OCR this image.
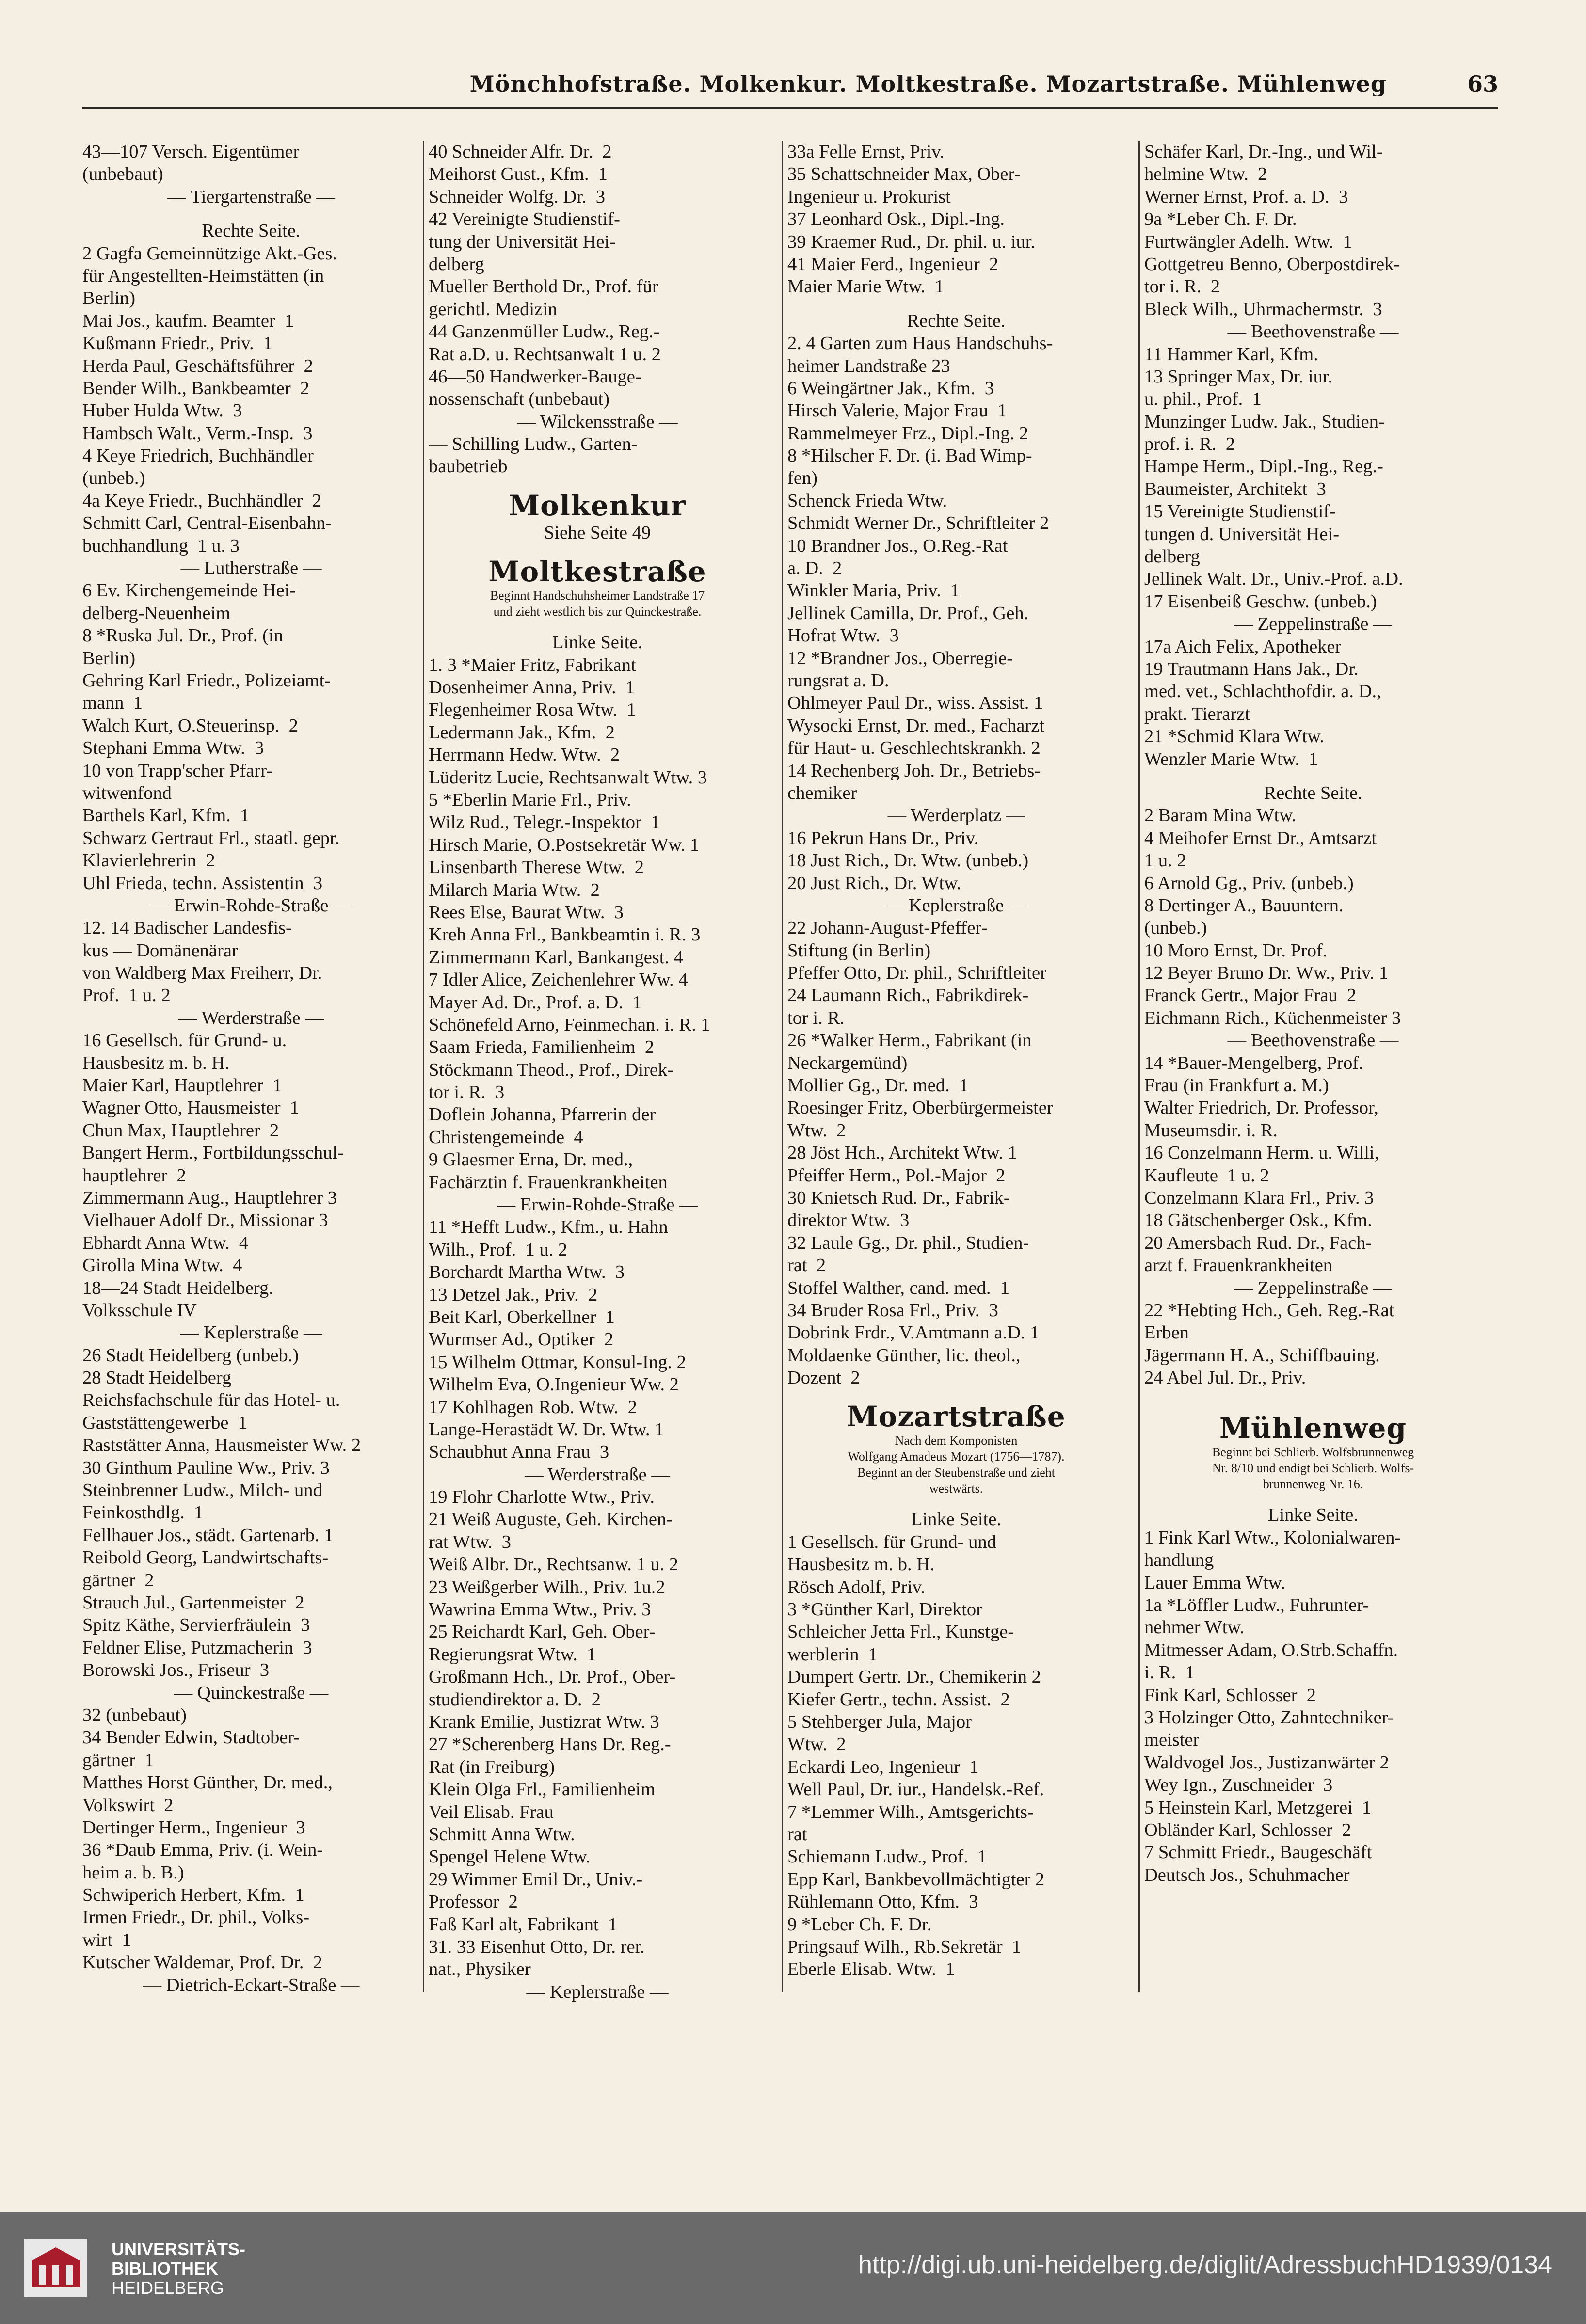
Mönchhofstraße. Molkenkur. Moltkestraße. Mozartstraße. Mühlenweg	63
43—107 Versch. Eigentümer
(unbebaut)
— Tiergartenstraße —
Rechte Seite.
2 Gagfa Gemeinnützige Akt.-Ges.
für Angestellten-Heimstätten (in
Berlin)
Mai Jos., kaufm. Beamter  1
Kußmann Friedr., Priv.  1
Herda Paul, Geschäftsführer  2
Bender Wilh., Bankbeamter  2
Huber Hulda Wtw.  3
Hambsch Walt., Verm.-Insp.  3
4 Keye Friedrich, Buchhändler
(unbeb.)
4a Keye Friedr., Buchhändler  2
Schmitt Carl, Central-Eisenbahn-
buchhandlung  1 u. 3
— Lutherstraße —
6 Ev. Kirchengemeinde Hei-
delberg-Neuenheim
8 *Ruska Jul. Dr., Prof. (in
Berlin)
Gehring Karl Friedr., Polizeiamt-
mann  1
Walch Kurt, O.Steuerinsp.  2
Stephani Emma Wtw.  3
10 von Trapp'scher Pfarr-
witwenfond
Barthels Karl, Kfm.  1
Schwarz Gertraut Frl., staatl. gepr.
Klavierlehrerin  2
Uhl Frieda, techn. Assistentin  3
— Erwin-Rohde-Straße —
12. 14 Badischer Landesfis-
kus — Domänenärar
von Waldberg Max Freiherr, Dr.
Prof.  1 u. 2
— Werderstraße —
16 Gesellsch. für Grund- u.
Hausbesitz m. b. H.
Maier Karl, Hauptlehrer  1
Wagner Otto, Hausmeister  1
Chun Max, Hauptlehrer  2
Bangert Herm., Fortbildungsschul-
hauptlehrer  2
Zimmermann Aug., Hauptlehrer 3
Vielhauer Adolf Dr., Missionar 3
Ebhardt Anna Wtw.  4
Girolla Mina Wtw.  4
18—24 Stadt Heidelberg.
Volksschule IV
— Keplerstraße —
26 Stadt Heidelberg (unbeb.)
28 Stadt Heidelberg
Reichsfachschule für das Hotel- u.
Gaststättengewerbe  1
Raststätter Anna, Hausmeister Ww. 2
30 Ginthum Pauline Ww., Priv. 3
Steinbrenner Ludw., Milch- und
Feinkosthdlg.  1
Fellhauer Jos., städt. Gartenarb. 1
Reibold Georg, Landwirtschafts-
gärtner  2
Strauch Jul., Gartenmeister  2
Spitz Käthe, Servierfräulein  3
Feldner Elise, Putzmacherin  3
Borowski Jos., Friseur  3
— Quinckestraße —
32 (unbebaut)
34 Bender Edwin, Stadtober-
gärtner  1
Matthes Horst Günther, Dr. med.,
Volkswirt  2
Dertinger Herm., Ingenieur  3
36 *Daub Emma, Priv. (i. Wein-
heim a. b. B.)
Schwiperich Herbert, Kfm.  1
Irmen Friedr., Dr. phil., Volks-
wirt  1
Kutscher Waldemar, Prof. Dr.  2
— Dietrich-Eckart-Straße —
40 Schneider Alfr. Dr.  2
Meihorst Gust., Kfm.  1
Schneider Wolfg. Dr.  3
42 Vereinigte Studienstif-
tung der Universität Hei-
delberg
Mueller Berthold Dr., Prof. für
gerichtl. Medizin
44 Ganzenmüller Ludw., Reg.-
Rat a.D. u. Rechtsanwalt 1 u. 2
46—50 Handwerker-Bauge-
nossenschaft (unbebaut)
— Wilckensstraße —
— Schilling Ludw., Garten-
baubetrieb
Molkenkur
Siehe Seite 49
Moltkestraße
Beginnt Handschuhsheimer Landstraße 17
und zieht westlich bis zur Quinckestraße.
Linke Seite.
1. 3 *Maier Fritz, Fabrikant
Dosenheimer Anna, Priv.  1
Flegenheimer Rosa Wtw.  1
Ledermann Jak., Kfm.  2
Herrmann Hedw. Wtw.  2
Lüderitz Lucie, Rechtsanwalt Wtw. 3
5 *Eberlin Marie Frl., Priv.
Wilz Rud., Telegr.-Inspektor  1
Hirsch Marie, O.Postsekretär Ww. 1
Linsenbarth Therese Wtw.  2
Milarch Maria Wtw.  2
Rees Else, Baurat Wtw.  3
Kreh Anna Frl., Bankbeamtin i. R. 3
Zimmermann Karl, Bankangest. 4
7 Idler Alice, Zeichenlehrer Ww. 4
Mayer Ad. Dr., Prof. a. D.  1
Schönefeld Arno, Feinmechan. i. R. 1
Saam Frieda, Familienheim  2
Stöckmann Theod., Prof., Direk-
tor i. R.  3
Doflein Johanna, Pfarrerin der
Christengemeinde  4
9 Glaesmer Erna, Dr. med.,
Fachärztin f. Frauenkrankheiten
— Erwin-Rohde-Straße —
11 *Hefft Ludw., Kfm., u. Hahn
Wilh., Prof.  1 u. 2
Borchardt Martha Wtw.  3
13 Detzel Jak., Priv.  2
Beit Karl, Oberkellner  1
Wurmser Ad., Optiker  2
15 Wilhelm Ottmar, Konsul-Ing. 2
Wilhelm Eva, O.Ingenieur Ww. 2
17 Kohlhagen Rob. Wtw.  2
Lange-Herastädt W. Dr. Wtw. 1
Schaubhut Anna Frau  3
— Werderstraße —
19 Flohr Charlotte Wtw., Priv.
21 Weiß Auguste, Geh. Kirchen-
rat Wtw.  3
Weiß Albr. Dr., Rechtsanw. 1 u. 2
23 Weißgerber Wilh., Priv. 1u.2
Wawrina Emma Wtw., Priv. 3
25 Reichardt Karl, Geh. Ober-
Regierungsrat Wtw.  1
Großmann Hch., Dr. Prof., Ober-
studiendirektor a. D.  2
Krank Emilie, Justizrat Wtw. 3
27 *Scherenberg Hans Dr. Reg.-
Rat (in Freiburg)
Klein Olga Frl., Familienheim
Veil Elisab. Frau
Schmitt Anna Wtw.
Spengel Helene Wtw.
29 Wimmer Emil Dr., Univ.-
Professor  2
Faß Karl alt, Fabrikant  1
31. 33 Eisenhut Otto, Dr. rer.
nat., Physiker
— Keplerstraße —
33a Felle Ernst, Priv.
35 Schattschneider Max, Ober-
Ingenieur u. Prokurist
37 Leonhard Osk., Dipl.-Ing.
39 Kraemer Rud., Dr. phil. u. iur.
41 Maier Ferd., Ingenieur  2
Maier Marie Wtw.  1
Rechte Seite.
2. 4 Garten zum Haus Handschuhs-
heimer Landstraße 23
6 Weingärtner Jak., Kfm.  3
Hirsch Valerie, Major Frau  1
Rammelmeyer Frz., Dipl.-Ing. 2
8 *Hilscher F. Dr. (i. Bad Wimp-
fen)
Schenck Frieda Wtw.
Schmidt Werner Dr., Schriftleiter 2
10 Brandner Jos., O.Reg.-Rat
a. D.  2
Winkler Maria, Priv.  1
Jellinek Camilla, Dr. Prof., Geh.
Hofrat Wtw.  3
12 *Brandner Jos., Oberregie-
rungsrat a. D.
Ohlmeyer Paul Dr., wiss. Assist. 1
Wysocki Ernst, Dr. med., Facharzt
für Haut- u. Geschlechtskrankh. 2
14 Rechenberg Joh. Dr., Betriebs-
chemiker
— Werderplatz —
16 Pekrun Hans Dr., Priv.
18 Just Rich., Dr. Wtw. (unbeb.)
20 Just Rich., Dr. Wtw.
— Keplerstraße —
22 Johann-August-Pfeffer-
Stiftung (in Berlin)
Pfeffer Otto, Dr. phil., Schriftleiter
24 Laumann Rich., Fabrikdirek-
tor i. R.
26 *Walker Herm., Fabrikant (in
Neckargemünd)
Mollier Gg., Dr. med.  1
Roesinger Fritz, Oberbürgermeister
Wtw.  2
28 Jöst Hch., Architekt Wtw. 1
Pfeiffer Herm., Pol.-Major  2
30 Knietsch Rud. Dr., Fabrik-
direktor Wtw.  3
32 Laule Gg., Dr. phil., Studien-
rat  2
Stoffel Walther, cand. med.  1
34 Bruder Rosa Frl., Priv.  3
Dobrink Frdr., V.Amtmann a.D. 1
Moldaenke Günther, lic. theol.,
Dozent  2
Mozartstraße
Nach dem Komponisten
Wolfgang Amadeus Mozart (1756—1787).
Beginnt an der Steubenstraße und zieht
westwärts.
Linke Seite.
1 Gesellsch. für Grund- und
Hausbesitz m. b. H.
Rösch Adolf, Priv.
3 *Günther Karl, Direktor
Schleicher Jetta Frl., Kunstge-
werblerin  1
Dumpert Gertr. Dr., Chemikerin 2
Kiefer Gertr., techn. Assist.  2
5 Stehberger Jula, Major
Wtw.  2
Eckardi Leo, Ingenieur  1
Well Paul, Dr. iur., Handelsk.-Ref.
7 *Lemmer Wilh., Amtsgerichts-
rat
Schiemann Ludw., Prof.  1
Epp Karl, Bankbevollmächtigter 2
Rühlemann Otto, Kfm.  3
9 *Leber Ch. F. Dr.
Pringsauf Wilh., Rb.Sekretär  1
Eberle Elisab. Wtw.  1
Schäfer Karl, Dr.-Ing., und Wil-
helmine Wtw.  2
Werner Ernst, Prof. a. D.  3
9a *Leber Ch. F. Dr.
Furtwängler Adelh. Wtw.  1
Gottgetreu Benno, Oberpostdirek-
tor i. R.  2
Bleck Wilh., Uhrmachermstr.  3
— Beethovenstraße —
11 Hammer Karl, Kfm.
13 Springer Max, Dr. iur.
u. phil., Prof.  1
Munzinger Ludw. Jak., Studien-
prof. i. R.  2
Hampe Herm., Dipl.-Ing., Reg.-
Baumeister, Architekt  3
15 Vereinigte Studienstif-
tungen d. Universität Hei-
delberg
Jellinek Walt. Dr., Univ.-Prof. a.D.
17 Eisenbeiß Geschw. (unbeb.)
— Zeppelinstraße —
17a Aich Felix, Apotheker
19 Trautmann Hans Jak., Dr.
med. vet., Schlachthofdir. a. D.,
prakt. Tierarzt
21 *Schmid Klara Wtw.
Wenzler Marie Wtw.  1
Rechte Seite.
2 Baram Mina Wtw.
4 Meihofer Ernst Dr., Amtsarzt
1 u. 2
6 Arnold Gg., Priv. (unbeb.)
8 Dertinger A., Bauuntern.
(unbeb.)
10 Moro Ernst, Dr. Prof.
12 Beyer Bruno Dr. Ww., Priv. 1
Franck Gertr., Major Frau  2
Eichmann Rich., Küchenmeister 3
— Beethovenstraße —
14 *Bauer-Mengelberg, Prof.
Frau (in Frankfurt a. M.)
Walter Friedrich, Dr. Professor,
Museumsdir. i. R.
16 Conzelmann Herm. u. Willi,
Kaufleute  1 u. 2
Conzelmann Klara Frl., Priv. 3
18 Gätschenberger Osk., Kfm.
20 Amersbach Rud. Dr., Fach-
arzt f. Frauenkrankheiten
— Zeppelinstraße —
22 *Hebting Hch., Geh. Reg.-Rat
Erben
Jägermann H. A., Schiffbauing.
24 Abel Jul. Dr., Priv.
Mühlenweg
Beginnt bei Schlierb. Wolfsbrunnenweg
Nr. 8/10 und endigt bei Schlierb. Wolfs-
brunnenweg Nr. 16.
Linke Seite.
1 Fink Karl Wtw., Kolonialwaren-
handlung
Lauer Emma Wtw.
1a *Löffler Ludw., Fuhrunter-
nehmer Wtw.
Mitmesser Adam, O.Strb.Schaffn.
i. R.  1
Fink Karl, Schlosser  2
3 Holzinger Otto, Zahntechniker-
meister
Waldvogel Jos., Justizanwärter 2
Wey Ign., Zuschneider  3
5 Heinstein Karl, Metzgerei  1
Obländer Karl, Schlosser  2
7 Schmitt Friedr., Baugeschäft
Deutsch Jos., Schuhmacher
UNIVERSITÄTS-
BIBLIOTHEK
HEIDELBERG
http://digi.ub.uni-heidelberg.de/diglit/AdressbuchHD1939/0134
